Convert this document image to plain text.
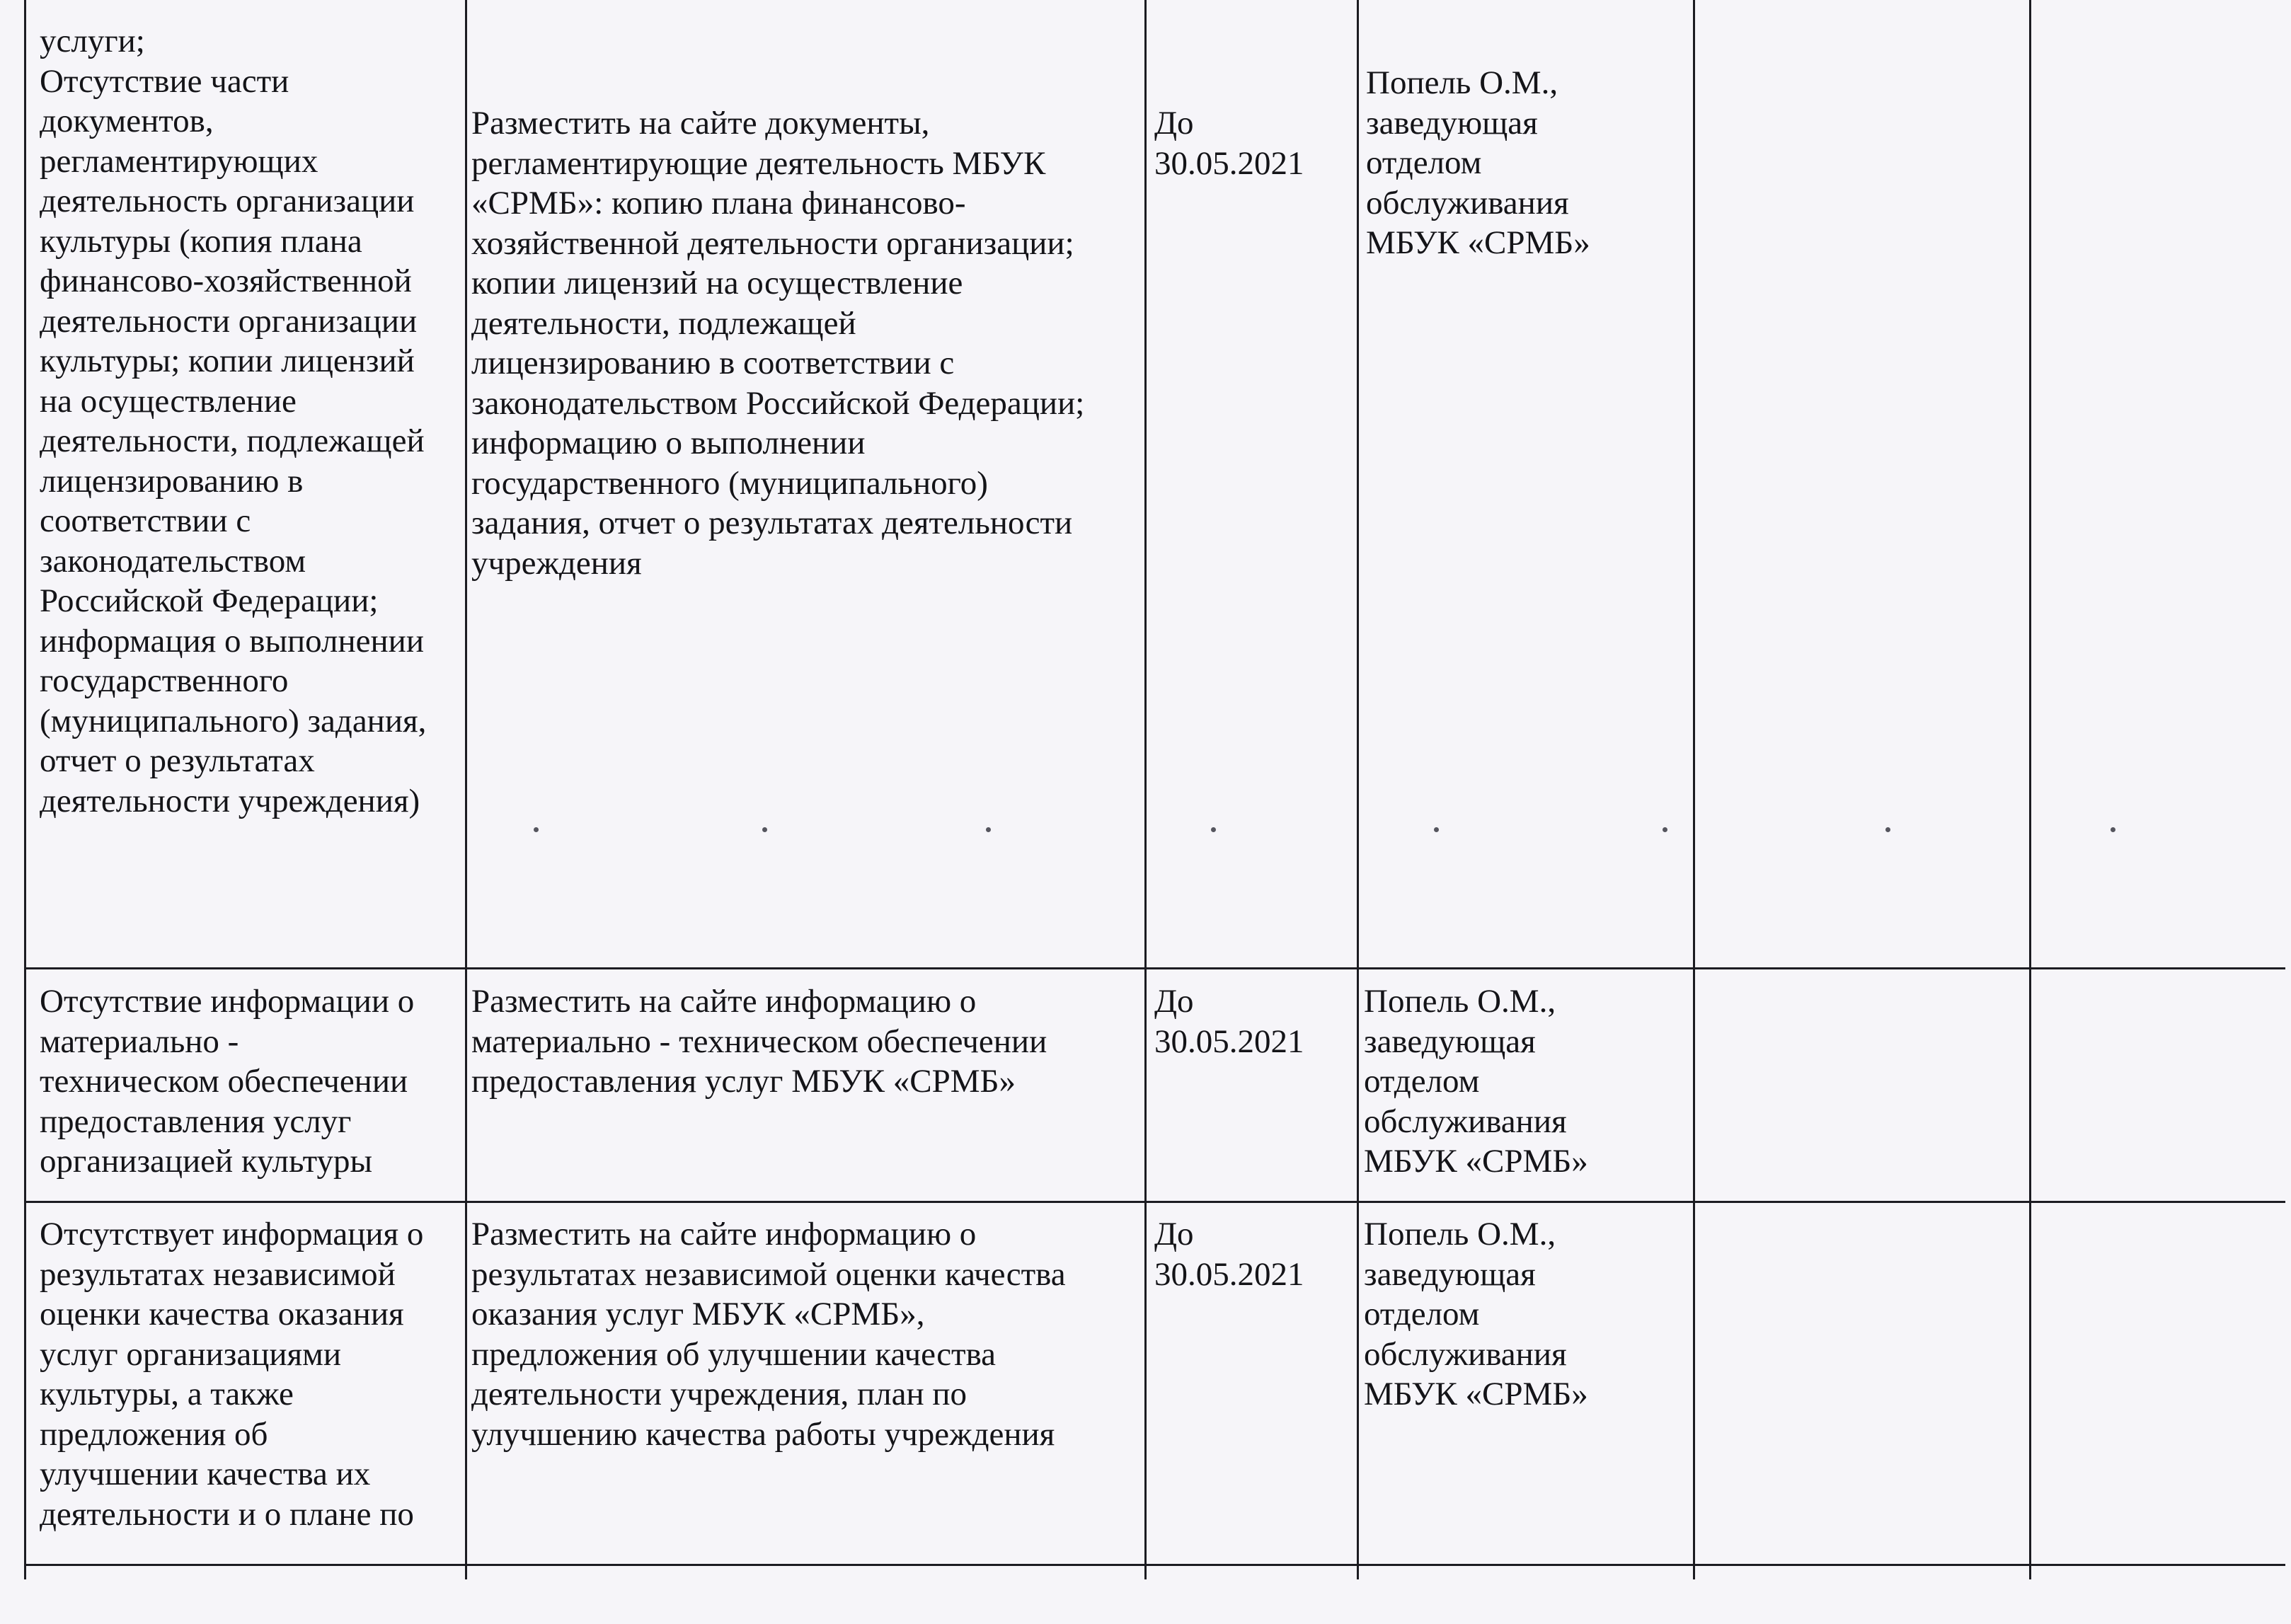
услуги;
Отсутствие части
документов,
регламентирующих
деятельность организации
культуры (копия плана
финансово-хозяйственной
деятельности организации
культуры; копии лицензий
на осуществление
деятельности, подлежащей
лицензированию в
соответствии с
законодательством
Российской Федерации;
информация о выполнении
государственного
(муниципального) задания,
отчет о результатах
деятельности учреждения)
Разместить на сайте документы,
регламентирующие деятельность МБУК
«СРМБ»: копию плана финансово-
хозяйственной деятельности организации;
копии лицензий на осуществление
деятельности, подлежащей
лицензированию в соответствии с
законодательством Российской Федерации;
информацию о выполнении
государственного (муниципального)
задания, отчет о результатах деятельности
учреждения
До
30.05.2021
Попель О.М.,
заведующая
отделом
обслуживания
МБУК «СРМБ»
Отсутствие информации о
материально -
техническом обеспечении
предоставления услуг
организацией культуры
Разместить на сайте информацию о
материально - техническом обеспечении
предоставления услуг МБУК «СРМБ»
До
30.05.2021
Попель О.М.,
заведующая
отделом
обслуживания
МБУК «СРМБ»
Отсутствует информация о
результатах независимой
оценки качества оказания
услуг организациями
культуры, а также
предложения об
улучшении качества их
деятельности и о плане по
Разместить на сайте информацию о
результатах независимой оценки качества
оказания услуг МБУК «СРМБ»,
предложения об улучшении качества
деятельности учреждения, план по
улучшению качества работы учреждения
До
30.05.2021
Попель О.М.,
заведующая
отделом
обслуживания
МБУК «СРМБ»
